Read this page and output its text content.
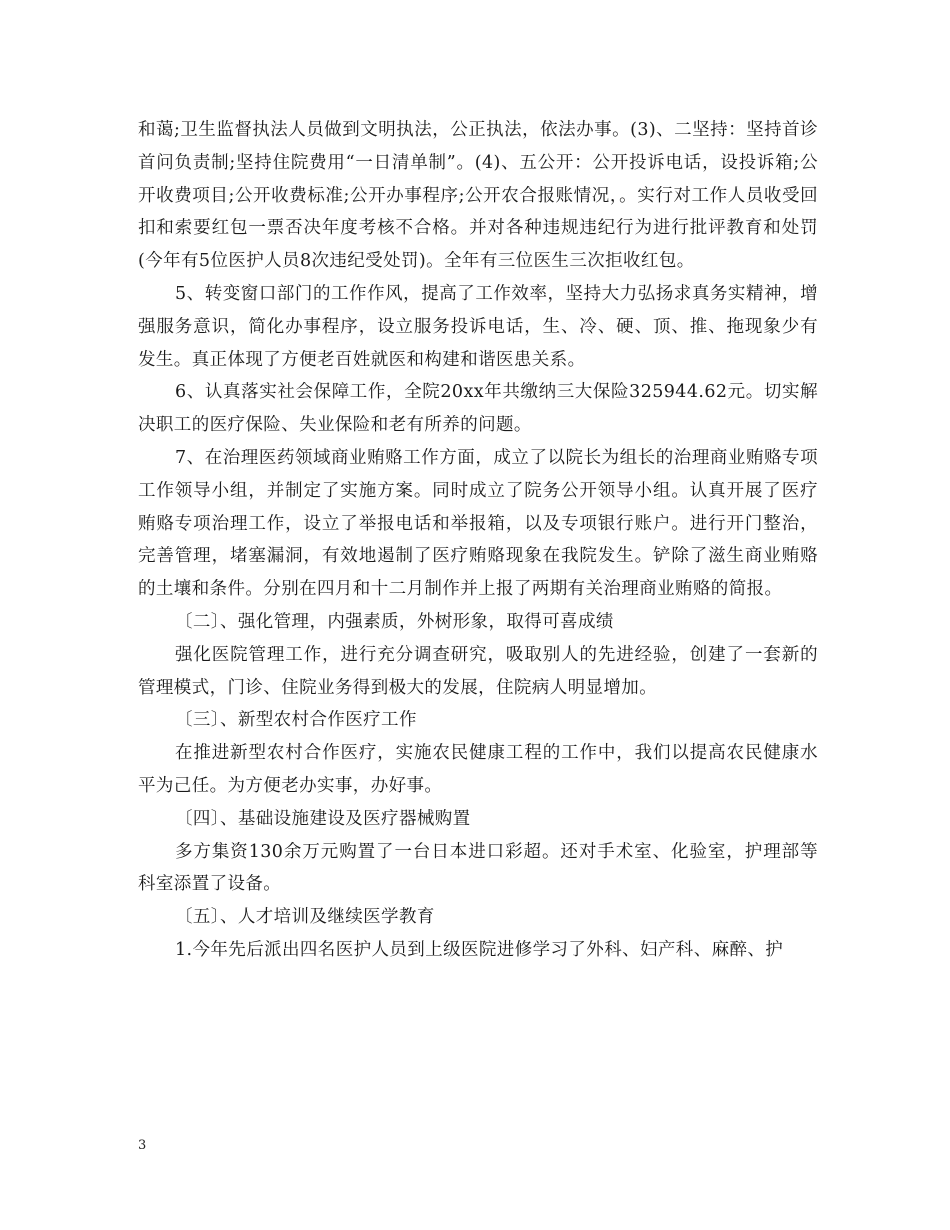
和蔼;卫生监督执法人员做到文明执法，公正执法，依法办事。(3)、二坚持：坚持首诊首问负责制;坚持住院费用“一日清单制”。(4)、五公开：公开投诉电话，设投诉箱;公开收费项目;公开收费标准;公开办事程序;公开农合报账情况，。实行对工作人员收受回扣和索要红包一票否决年度考核不合格。并对各种违规违纪行为进行批评教育和处罚(今年有5位医护人员8次违纪受处罚)。全年有三位医生三次拒收红包。

5、转变窗口部门的工作作风，提高了工作效率，坚持大力弘扬求真务实精神，增强服务意识，简化办事程序，设立服务投诉电话，生、冷、硬、顶、推、拖现象少有发生。真正体现了方便老百姓就医和构建和谐医患关系。

6、认真落实社会保障工作，全院20xx年共缴纳三大保险325944.62元。切实解决职工的医疗保险、失业保险和老有所养的问题。

7、在治理医药领域商业贿赂工作方面，成立了以院长为组长的治理商业贿赂专项工作领导小组，并制定了实施方案。同时成立了院务公开领导小组。认真开展了医疗贿赂专项治理工作，设立了举报电话和举报箱，以及专项银行账户。进行开门整治，完善管理，堵塞漏洞，有效地遏制了医疗贿赂现象在我院发生。铲除了滋生商业贿赂的土壤和条件。分别在四月和十二月制作并上报了两期有关治理商业贿赂的简报。

〔二〕、强化管理，内强素质，外树形象，取得可喜成绩

强化医院管理工作，进行充分调查研究，吸取别人的先进经验，创建了一套新的管理模式，门诊、住院业务得到极大的发展，住院病人明显增加。

〔三〕、新型农村合作医疗工作

在推进新型农村合作医疗，实施农民健康工程的工作中，我们以提高农民健康水平为己任。为方便老办实事，办好事。

〔四〕、基础设施建设及医疗器械购置

多方集资130余万元购置了一台日本进口彩超。还对手术室、化验室，护理部等科室添置了设备。

〔五〕、人才培训及继续医学教育

1.今年先后派出四名医护人员到上级医院进修学习了外科、妇产科、麻醉、护

3
